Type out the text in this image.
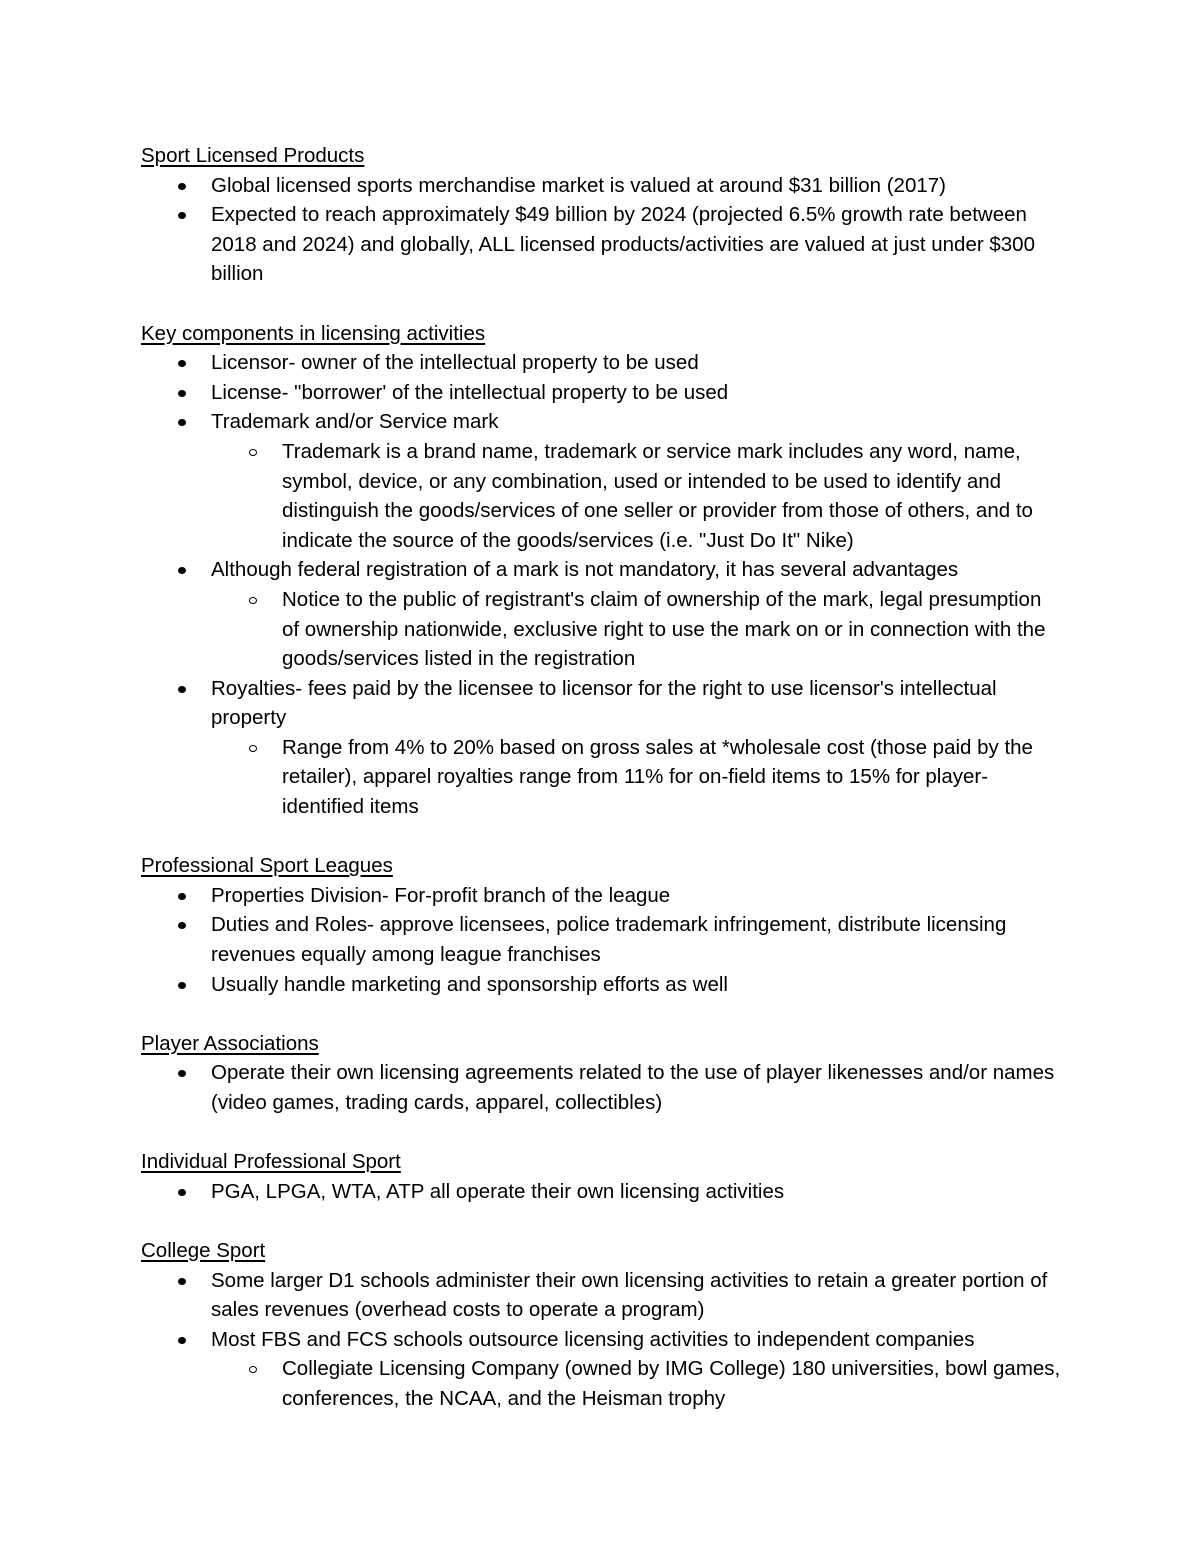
Sport Licensed Products
Global licensed sports merchandise market is valued at around $31 billion (2017)
Expected to reach approximately $49 billion by 2024 (projected 6.5% growth rate between 2018 and 2024) and globally, ALL licensed products/activities are valued at just under $300 billion
Key components in licensing activities
Licensor- owner of the intellectual property to be used
License- "borrower' of the intellectual property to be used
Trademark and/or Service mark
Trademark is a brand name, trademark or service mark includes any word, name, symbol, device, or any combination, used or intended to be used to identify and distinguish the goods/services of one seller or provider from those of others, and to indicate the source of the goods/services (i.e. "Just Do It" Nike)
Although federal registration of a mark is not mandatory, it has several advantages
Notice to the public of registrant's claim of ownership of the mark, legal presumption of ownership nationwide, exclusive right to use the mark on or in connection with the goods/services listed in the registration
Royalties- fees paid by the licensee to licensor for the right to use licensor's intellectual property
Range from 4% to 20% based on gross sales at *wholesale cost (those paid by the retailer), apparel royalties range from 11% for on-field items to 15% for player-identified items
Professional Sport Leagues
Properties Division- For-profit branch of the league
Duties and Roles- approve licensees, police trademark infringement, distribute licensing revenues equally among league franchises
Usually handle marketing and sponsorship efforts as well
Player Associations
Operate their own licensing agreements related to the use of player likenesses and/or names (video games, trading cards, apparel, collectibles)
Individual Professional Sport
PGA, LPGA, WTA, ATP all operate their own licensing activities
College Sport
Some larger D1 schools administer their own licensing activities to retain a greater portion of sales revenues (overhead costs to operate a program)
Most FBS and FCS schools outsource licensing activities to independent companies
Collegiate Licensing Company (owned by IMG College) 180 universities, bowl games, conferences, the NCAA, and the Heisman trophy
